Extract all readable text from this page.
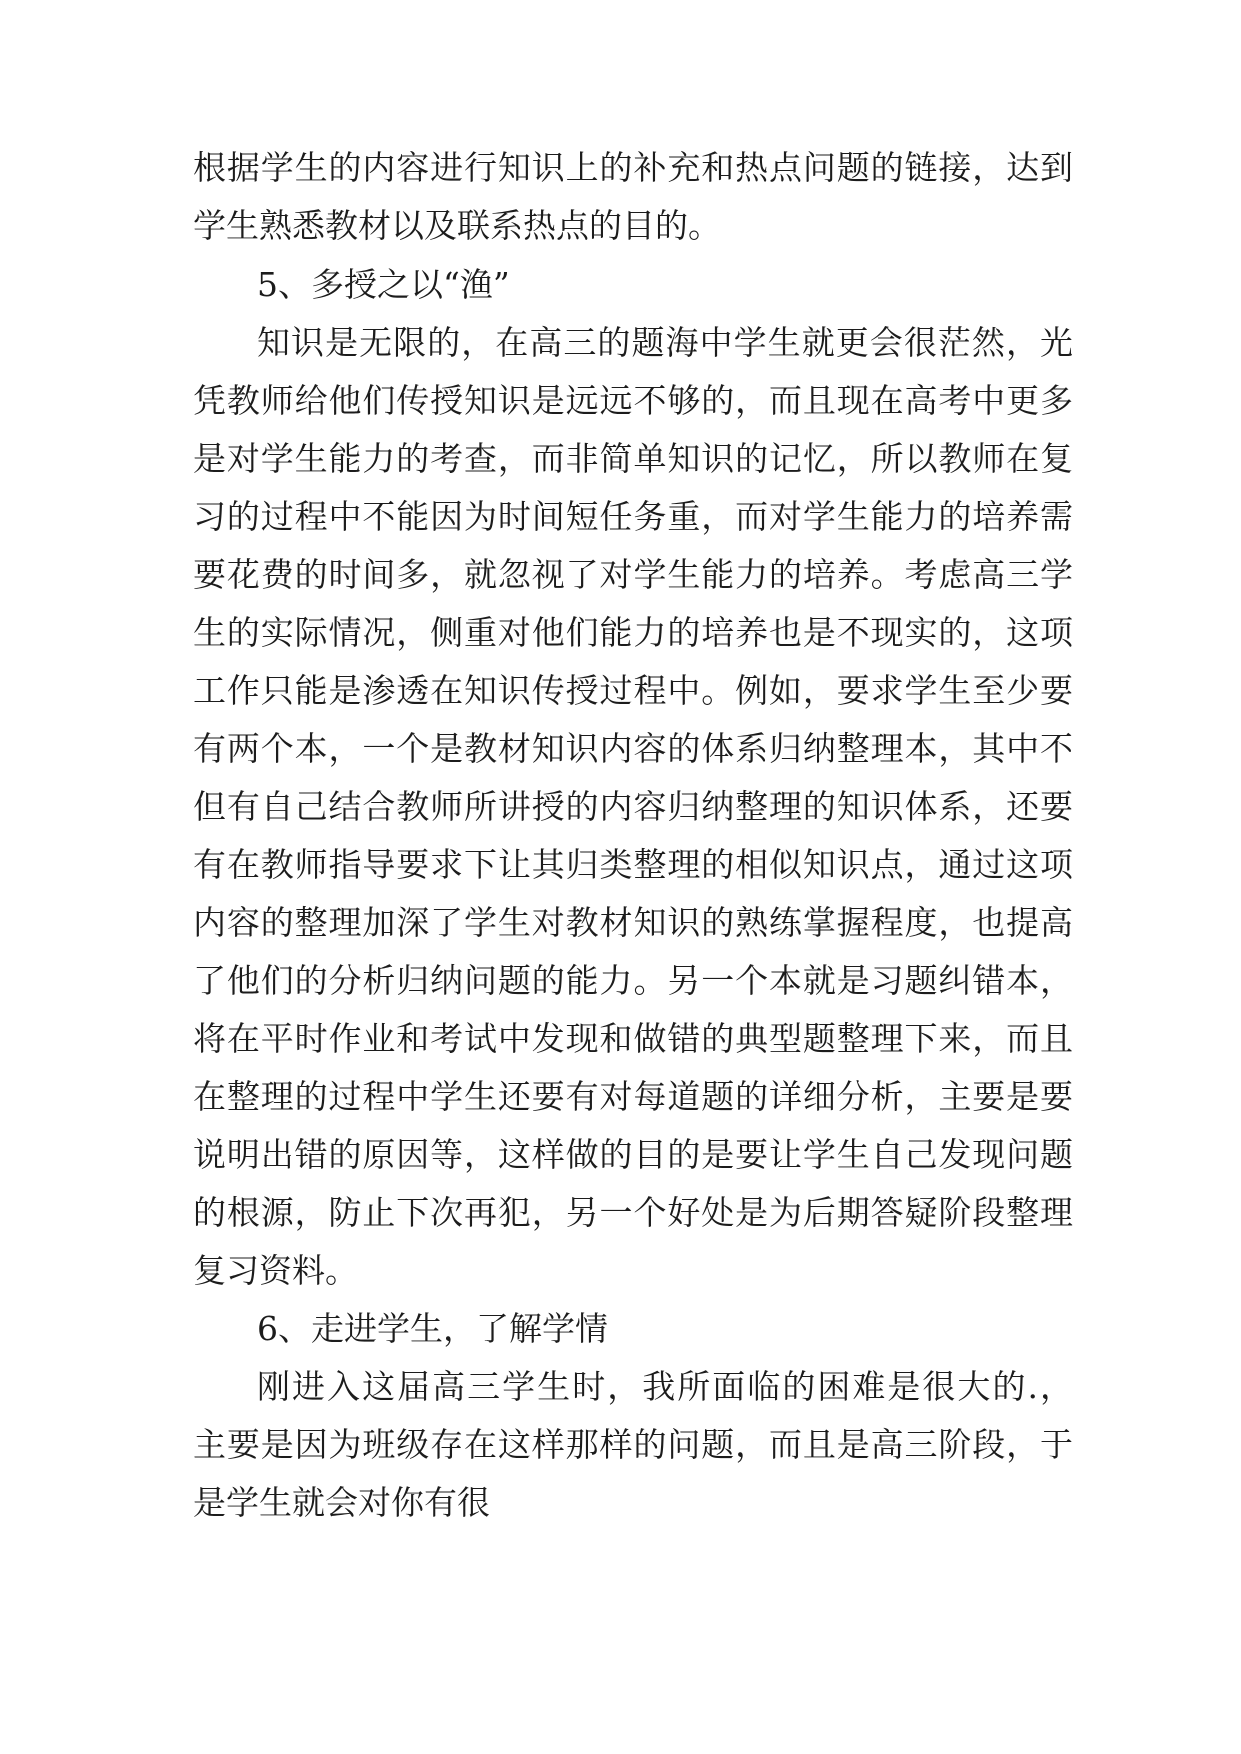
根据学生的内容进行知识上的补充和热点问题的链接，达到
学生熟悉教材以及联系热点的目的。
5、多授之以“渔”
知识是无限的，在高三的题海中学生就更会很茫然，光
凭教师给他们传授知识是远远不够的，而且现在高考中更多
是对学生能力的考查，而非简单知识的记忆，所以教师在复
习的过程中不能因为时间短任务重，而对学生能力的培养需
要花费的时间多，就忽视了对学生能力的培养。考虑高三学
生的实际情况，侧重对他们能力的培养也是不现实的，这项
工作只能是渗透在知识传授过程中。例如，要求学生至少要
有两个本，一个是教材知识内容的体系归纳整理本，其中不
但有自己结合教师所讲授的内容归纳整理的知识体系，还要
有在教师指导要求下让其归类整理的相似知识点，通过这项
内容的整理加深了学生对教材知识的熟练掌握程度，也提高
了他们的分析归纳问题的能力。另一个本就是习题纠错本，
将在平时作业和考试中发现和做错的典型题整理下来，而且
在整理的过程中学生还要有对每道题的详细分析，主要是要
说明出错的原因等，这样做的目的是要让学生自己发现问题
的根源，防止下次再犯，另一个好处是为后期答疑阶段整理
复习资料。
6、走进学生，了解学情
刚进入这届高三学生时，我所面临的困难是很大的.，
主要是因为班级存在这样那样的问题，而且是高三阶段，于
是学生就会对你有很
